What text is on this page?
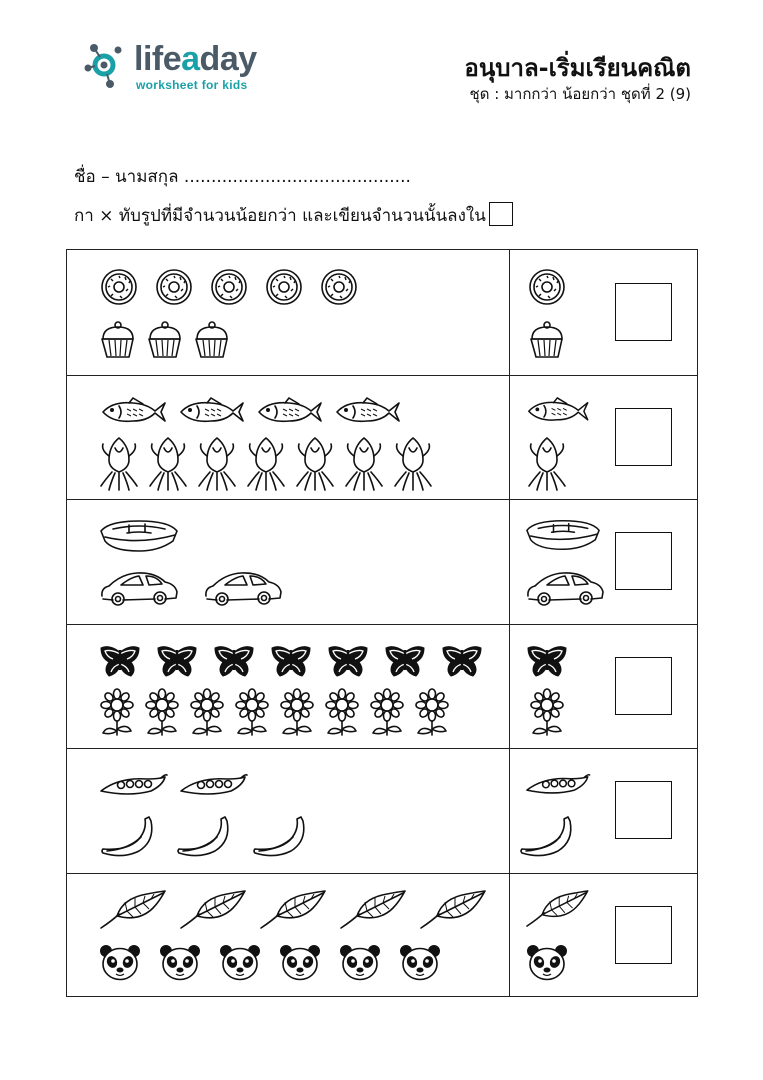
lifeaday
worksheet for kids
อนุบาล-เริ่มเรียนคณิต
ชุด : มากกว่า น้อยกว่า ชุดที่ 2 (9)
ชื่อ – นามสกุล ..........................................
กา × ทับรูปที่มีจำนวนน้อยกว่า และเขียนจำนวนนั้นลงใน
